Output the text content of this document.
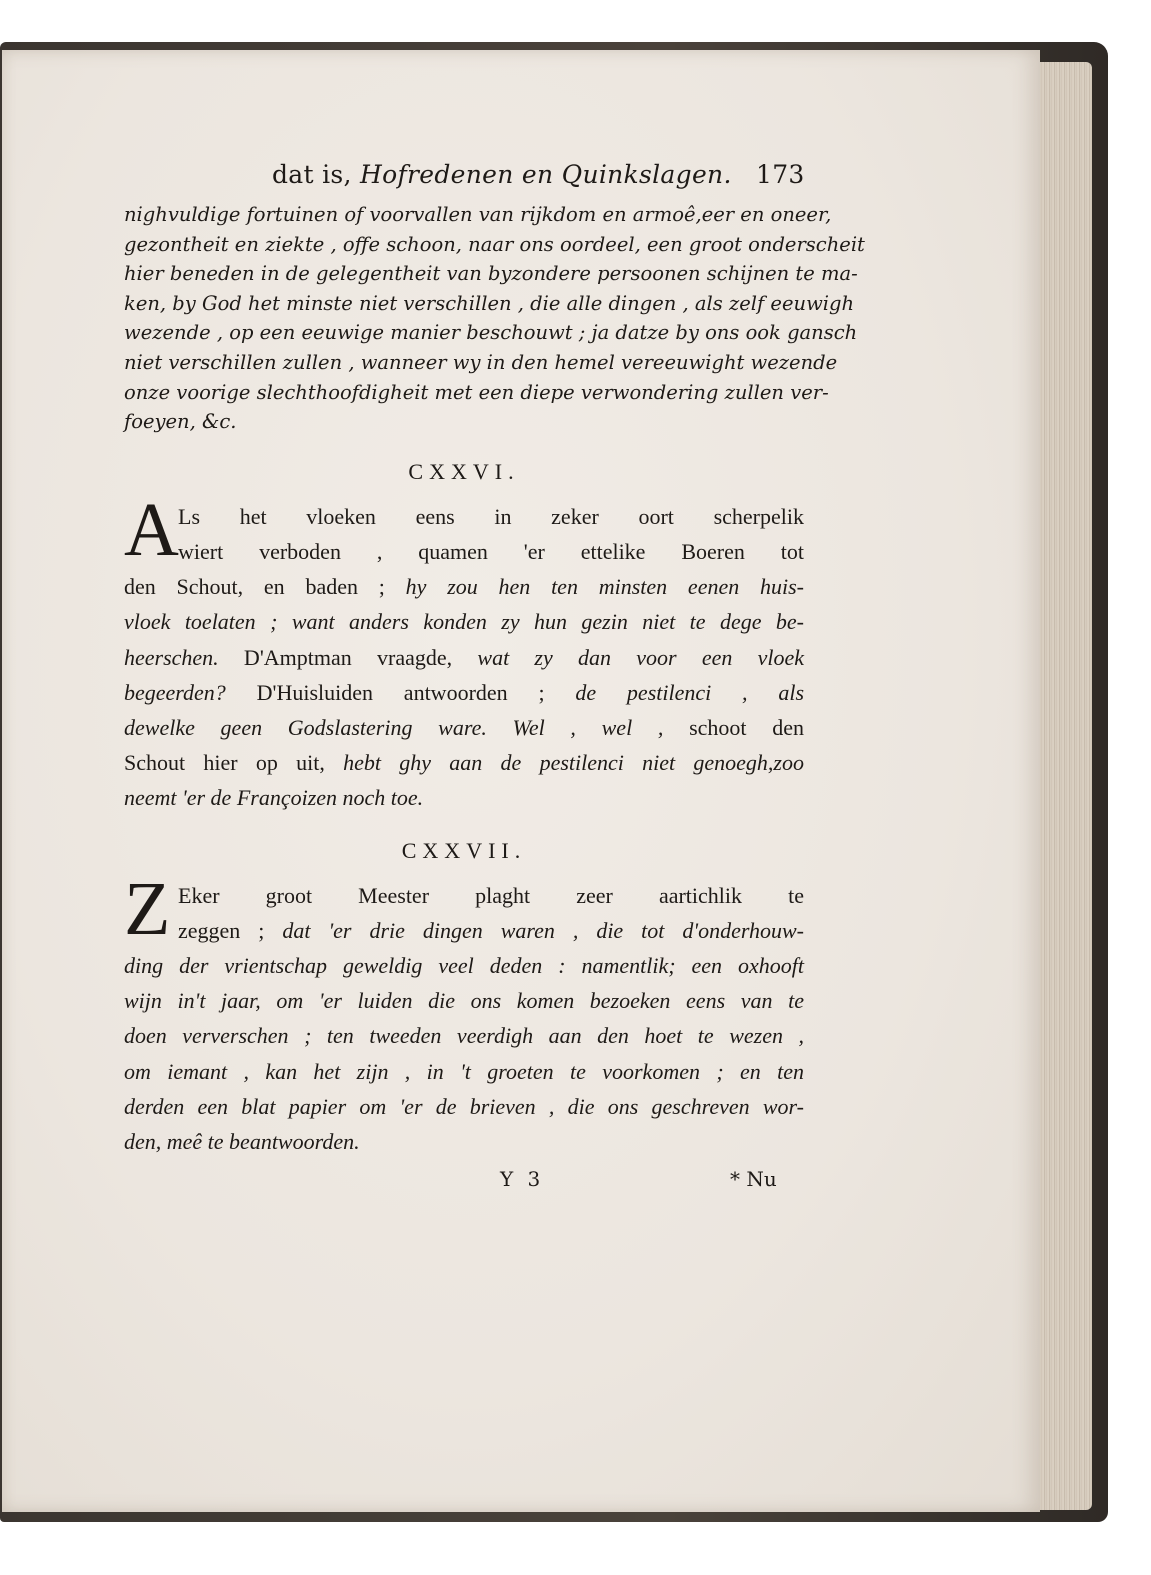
dat is, Hofredenen en Quinkslagen. 173

nighvuldige fortuinen of voorvallen van rijkdom en armoê,eer en oneer,

gezontheit en ziekte , offe schoon, naar ons oordeel, een groot onderscheit

hier beneden in de gelegentheit van byzondere persoonen schijnen te ma-

ken, by God het minste niet verschillen , die alle dingen , als zelf eeuwigh

wezende , op een eeuwige manier beschouwt ; ja datze by ons ook gansch

niet verschillen zullen , wanneer wy in den hemel vereeuwight wezende

onze voorige slechthoofdigheit met een diepe verwondering zullen ver-

foeyen, &c.

CXXVI.
A Ls het vloeken eens in zeker oort scherpelik

wiert verboden , quamen 'er ettelike Boeren tot

den Schout, en baden ; hy zou hen ten minsten eenen huis-

vloek toelaten ; want anders konden zy hun gezin niet te dege be-

heerschen. D'Amptman vraagde, wat zy dan voor een vloek

begeerden? D'Huisluiden antwoorden ; de pestilenci , als

dewelke geen Godslastering ware. Wel , wel , schoot den

Schout hier op uit, hebt ghy aan de pestilenci niet genoegh,zoo

neemt 'er de Françoizen noch toe.

CXXVII.
Z Eker groot Meester plaght zeer aartichlik te

zeggen ; dat 'er drie dingen waren , die tot d'onderhouw-

ding der vrientschap geweldig veel deden : namentlik; een oxhooft

wijn in't jaar, om 'er luiden die ons komen bezoeken eens van te

doen ververschen ; ten tweeden veerdigh aan den hoet te wezen ,

om iemant , kan het zijn , in 't groeten te voorkomen ; en ten

derden een blat papier om 'er de brieven , die ons geschreven wor-

den, meê te beantwoorden.

Y 3	* Nu
